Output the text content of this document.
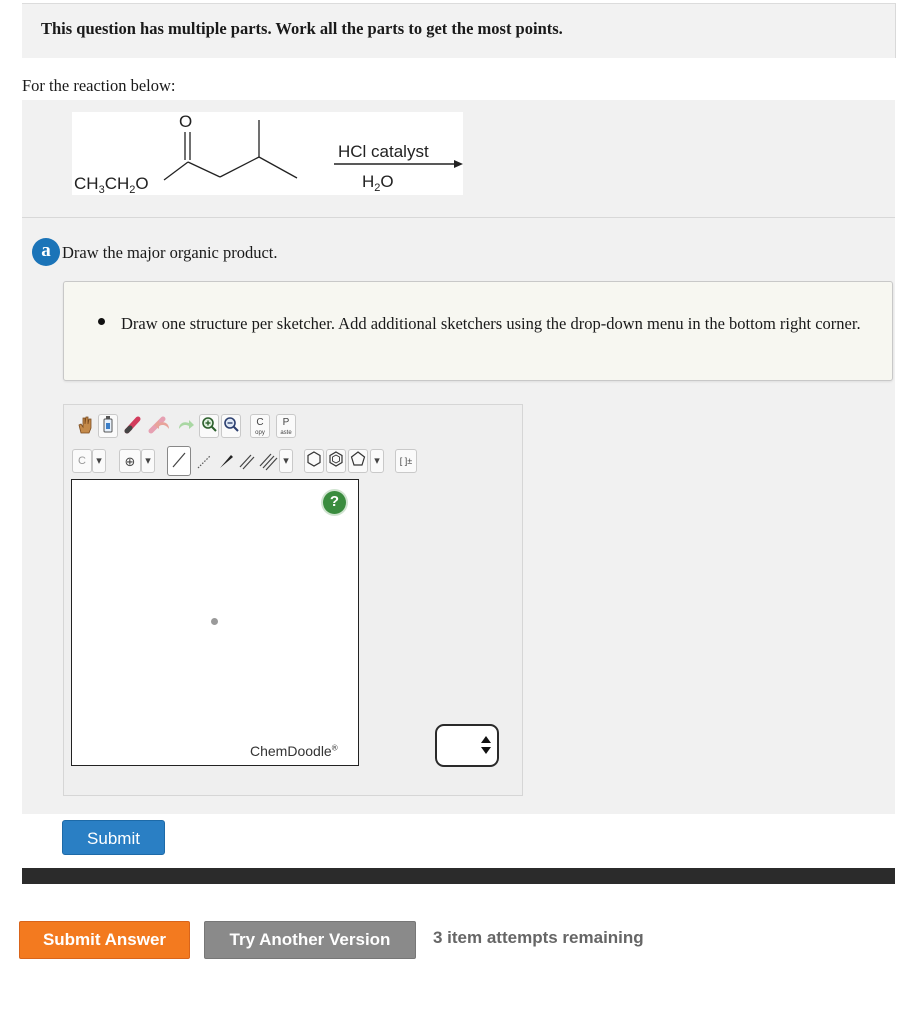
This question has multiple parts. Work all the parts to get the most points.
For the reaction below:
O
$CH_3CH_2O$
HCl catalyst
$H_2O$
a Draw the major organic product.
Draw one structure per sketcher. Add additional sketchers using the drop-down menu in the bottom right corner.
C
opy
P
aste
C ▾	⊕ ▾	▾	▾	[ ]±
?
ChemDoodle®
Submit
Submit Answer	Try Another Version	3 item attempts remaining
